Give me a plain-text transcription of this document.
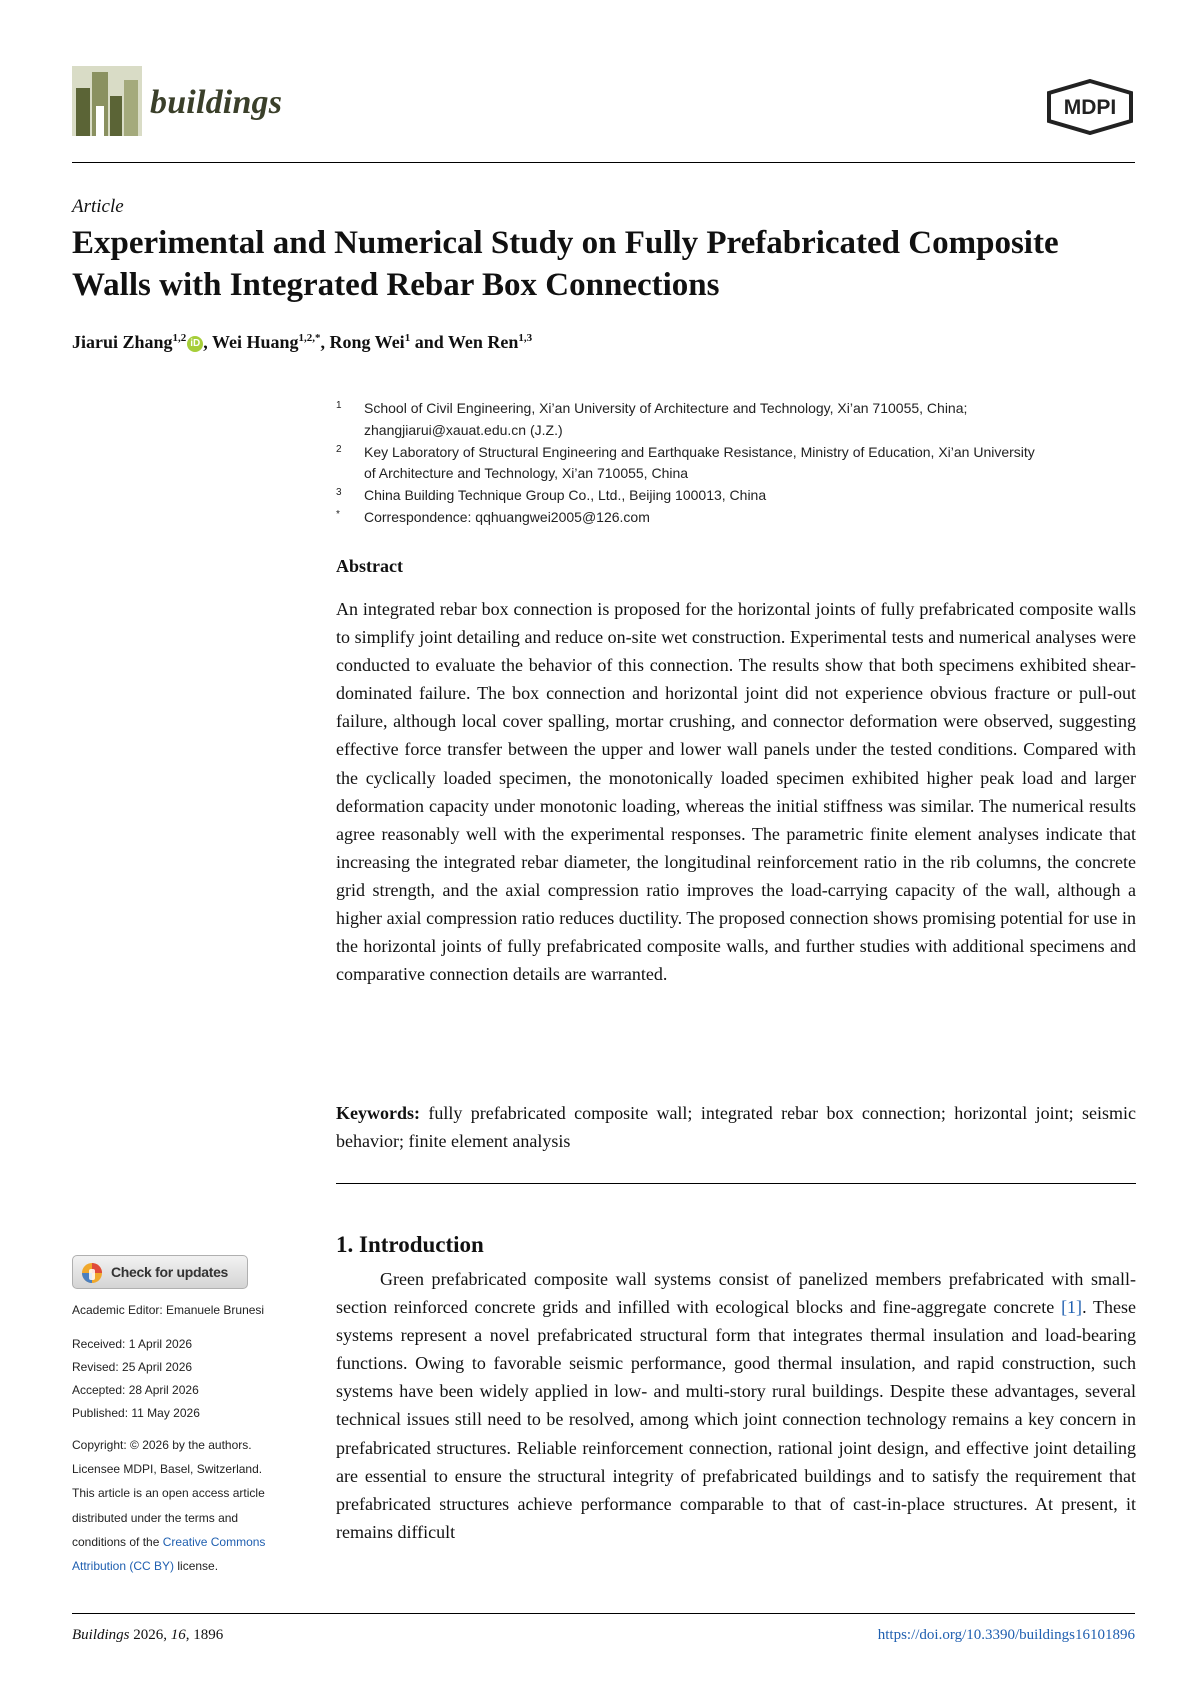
buildings	MDPI
Article
Experimental and Numerical Study on Fully Prefabricated Composite Walls with Integrated Rebar Box Connections
Jiarui Zhang$^{1,2}$ iD , Wei Huang$^{1,2,*}$, Rong Wei$^1$ and Wen Ren$^{1,3}$
1 School of Civil Engineering, Xi’an University of Architecture and Technology, Xi’an 710055, China;
zhangjiarui@xauat.edu.cn (J.Z.)
2 Key Laboratory of Structural Engineering and Earthquake Resistance, Ministry of Education, Xi’an University
of Architecture and Technology, Xi’an 710055, China
3 China Building Technique Group Co., Ltd., Beijing 100013, China
* Correspondence: qqhuangwei2005@126.com
Abstract

An integrated rebar box connection is proposed for the horizontal joints of fully prefabricated composite walls to simplify joint detailing and reduce on-site wet construction. Experimental tests and numerical analyses were conducted to evaluate the behavior of this connection. The results show that both specimens exhibited shear-dominated failure. The box connection and horizontal joint did not experience obvious fracture or pull-out failure, although local cover spalling, mortar crushing, and connector deformation were observed, suggesting effective force transfer between the upper and lower wall panels under the tested conditions. Compared with the cyclically loaded specimen, the monotonically loaded specimen exhibited higher peak load and larger deformation capacity under monotonic loading, whereas the initial stiffness was similar. The numerical results agree reasonably well with the experimental responses. The parametric finite element analyses indicate that increasing the integrated rebar diameter, the longitudinal reinforcement ratio in the rib columns, the concrete grid strength, and the axial compression ratio improves the load-carrying capacity of the wall, although a higher axial compression ratio reduces ductility. The proposed connection shows promising potential for use in the horizontal joints of fully prefabricated composite walls, and further studies with additional specimens and comparative connection details are warranted.

Keywords: fully prefabricated composite wall; integrated rebar box connection; horizontal joint; seismic behavior; finite element analysis

Check for updates
Academic Editor: Emanuele Brunesi
Received: 1 April 2026
Revised: 25 April 2026
Accepted: 28 April 2026
Published: 11 May 2026
Copyright: © 2026 by the authors.
Licensee MDPI, Basel, Switzerland.
This article is an open access article
distributed under the terms and
conditions of the Creative Commons
Attribution (CC BY) license.
1. Introduction

Green prefabricated composite wall systems consist of panelized members prefabricated with small-section reinforced concrete grids and infilled with ecological blocks and fine-aggregate concrete [1]. These systems represent a novel prefabricated structural form that integrates thermal insulation and load-bearing functions. Owing to favorable seismic performance, good thermal insulation, and rapid construction, such systems have been widely applied in low- and multi-story rural buildings. Despite these advantages, several technical issues still need to be resolved, among which joint connection technology remains a key concern in prefabricated structures. Reliable reinforcement connection, rational joint design, and effective joint detailing are essential to ensure the structural integrity of prefabricated buildings and to satisfy the requirement that prefabricated structures achieve performance comparable to that of cast-in-place structures. At present, it remains difficult

Buildings 2026, 16, 1896	https://doi.org/10.3390/buildings16101896
